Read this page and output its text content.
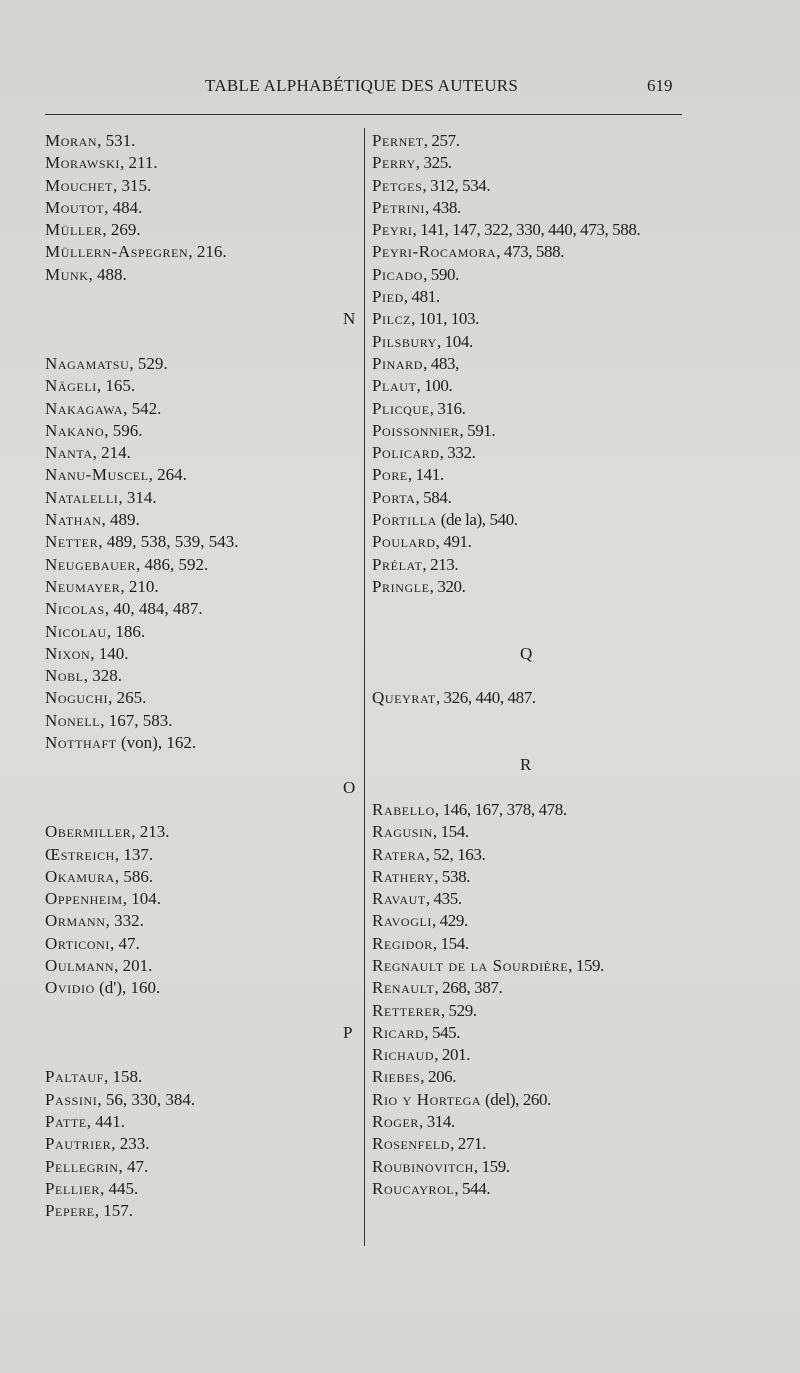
TABLE ALPHABÉTIQUE DES AUTEURS	619
Moran, 531.
Morawski, 211.
Mouchet, 315.
Moutot, 484.
Müller, 269.
Müllern-Aspegren, 216.
Munk, 488.
N
Nagamatsu, 529.
Nägeli, 165.
Nakagawa, 542.
Nakano, 596.
Nanta, 214.
Nanu-Muscel, 264.
Natalelli, 314.
Nathan, 489.
Netter, 489, 538, 539, 543.
Neugebauer, 486, 592.
Neumayer, 210.
Nicolas, 40, 484, 487.
Nicolau, 186.
Nixon, 140.
Nobl, 328.
Noguchi, 265.
Nonell, 167, 583.
Notthaft (von), 162.
O
Obermiller, 213.
Œstreich, 137.
Okamura, 586.
Oppenheim, 104.
Ormann, 332.
Orticoni, 47.
Oulmann, 201.
Ovidio (d'), 160.
P
Paltauf, 158.
Passini, 56, 330, 384.
Patte, 441.
Pautrier, 233.
Pellegrin, 47.
Pellier, 445.
Pepere, 157.
Pernet, 257.
Perry, 325.
Petges, 312, 534.
Petrini, 438.
Peyri, 141, 147, 322, 330, 440, 473, 588.
Peyri-Rocamora, 473, 588.
Picado, 590.
Pied, 481.
Pilcz, 101, 103.
Pilsbury, 104.
Pinard, 483,
Plaut, 100.
Plicque, 316.
Poissonnier, 591.
Policard, 332.
Pore, 141.
Porta, 584.
Portilla (de la), 540.
Poulard, 491.
Prélat, 213.
Pringle, 320.
Q
Queyrat, 326, 440, 487.
R
Rabello, 146, 167, 378, 478.
Ragusin, 154.
Ratera, 52, 163.
Rathery, 538.
Ravaut, 435.
Ravogli, 429.
Regidor, 154.
Regnault de la Sourdière, 159.
Renault, 268, 387.
Retterer, 529.
Ricard, 545.
Richaud, 201.
Riebes, 206.
Rio y Hortega (del), 260.
Roger, 314.
Rosenfeld, 271.
Roubinovitch, 159.
Roucayrol, 544.
